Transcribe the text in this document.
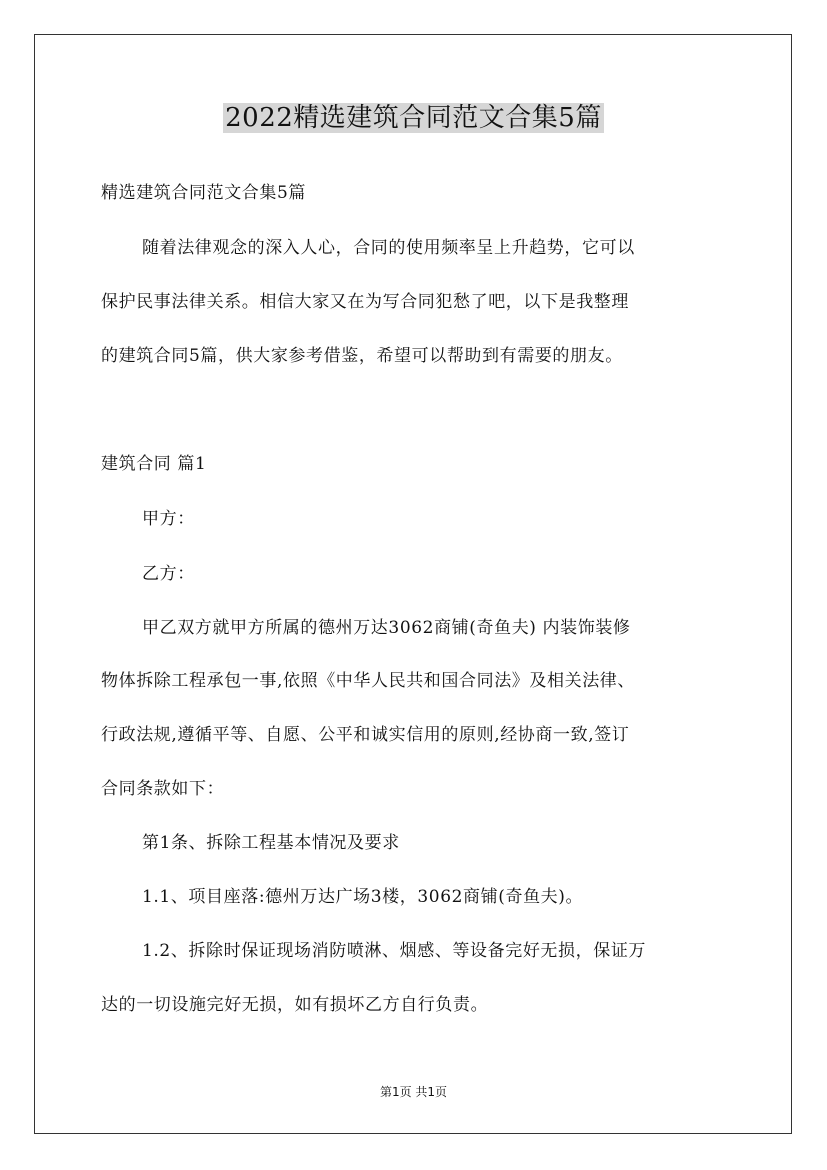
2022精选建筑合同范文合集5篇
精选建筑合同范文合集5篇
随着法律观念的深入人心，合同的使用频率呈上升趋势，它可以
保护民事法律关系。相信大家又在为写合同犯愁了吧，以下是我整理
的建筑合同5篇，供大家参考借鉴，希望可以帮助到有需要的朋友。
建筑合同 篇1
甲方：
乙方：
甲乙双方就甲方所属的德州万达3062商铺(奇鱼夫) 内装饰装修
物体拆除工程承包一事,依照《中华人民共和国合同法》及相关法律、
行政法规,遵循平等、自愿、公平和诚实信用的原则,经协商一致,签订
合同条款如下：
第1条、拆除工程基本情况及要求
1.1、项目座落:德州万达广场3楼，3062商铺(奇鱼夫)。
1.2、拆除时保证现场消防喷淋、烟感、等设备完好无损，保证万
达的一切设施完好无损，如有损坏乙方自行负责。
第1页 共1页
